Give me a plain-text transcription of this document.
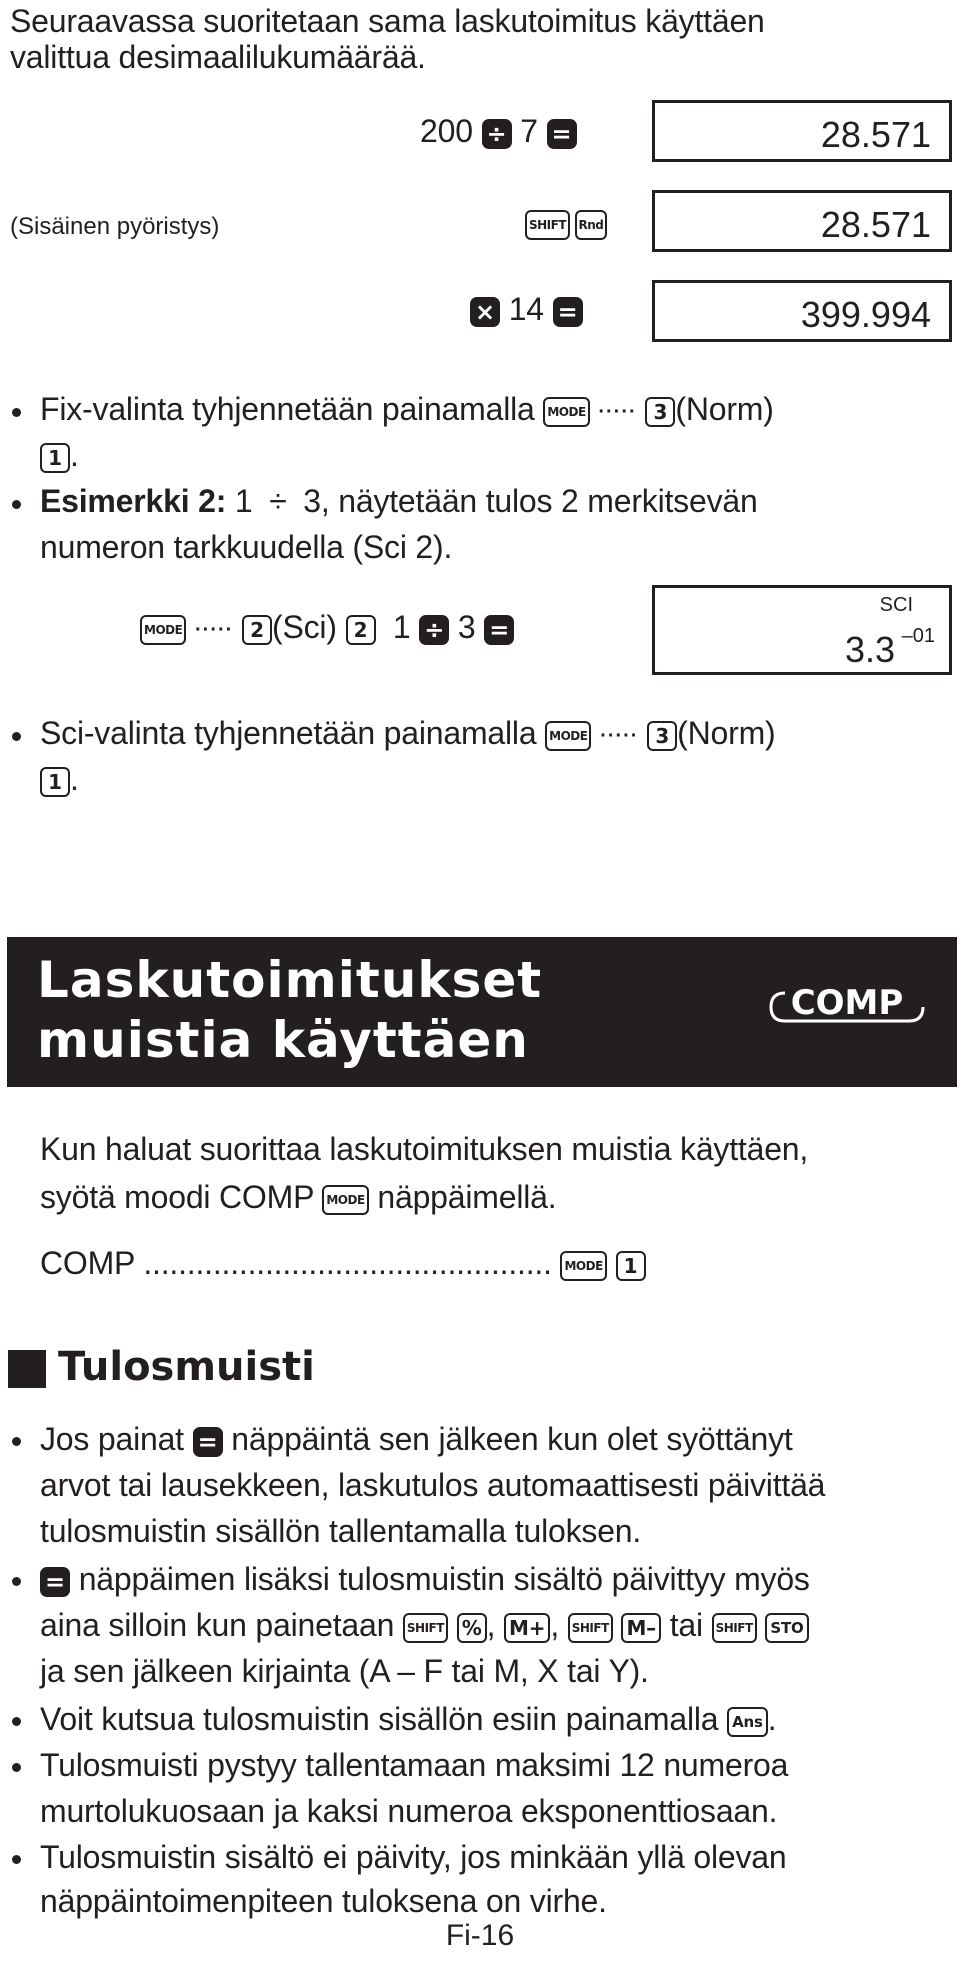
Seuraavassa suoritetaan sama laskutoimitus käyttäen
valittua desimaalilukumäärää.
200 ÷ 7 =	28.571
(Sisäinen pyöristys)	SHIFT Rnd	28.571
× 14 =	399.994
Fix-valinta tyhjennetään painamalla MODE ····· 3 (Norm)
1 .
Esimerkki 2: 1 ÷ 3, näytetään tulos 2 merkitsevän
numeron tarkkuudella (Sci 2).
MODE ····· 2 (Sci) 2 1 ÷ 3 =
SCI
3.3 –01
Sci-valinta tyhjennetään painamalla MODE ····· 3 (Norm)
1 .
Laskutoimitukset
muistia käyttäen
COMP
Kun haluat suorittaa laskutoimituksen muistia käyttäen,
syötä moodi COMP MODE näppäimellä.
COMP ............................................... MODE 1
Tulosmuisti
Jos painat = näppäintä sen jälkeen kun olet syöttänyt
arvot tai lausekkeen, laskutulos automaattisesti päivittää
tulosmuistin sisällön tallentamalla tuloksen.
= näppäimen lisäksi tulosmuistin sisältö päivittyy myös
aina silloin kun painetaan SHIFT % , M+ , SHIFT M– tai SHIFT STO
ja sen jälkeen kirjainta (A – F tai M, X tai Y).
Voit kutsua tulosmuistin sisällön esiin painamalla Ans .
Tulosmuisti pystyy tallentamaan maksimi 12 numeroa
murtolukuosaan ja kaksi numeroa eksponenttiosaan.
Tulosmuistin sisältö ei päivity, jos minkään yllä olevan
näppäintoimenpiteen tuloksena on virhe.
Fi-16
